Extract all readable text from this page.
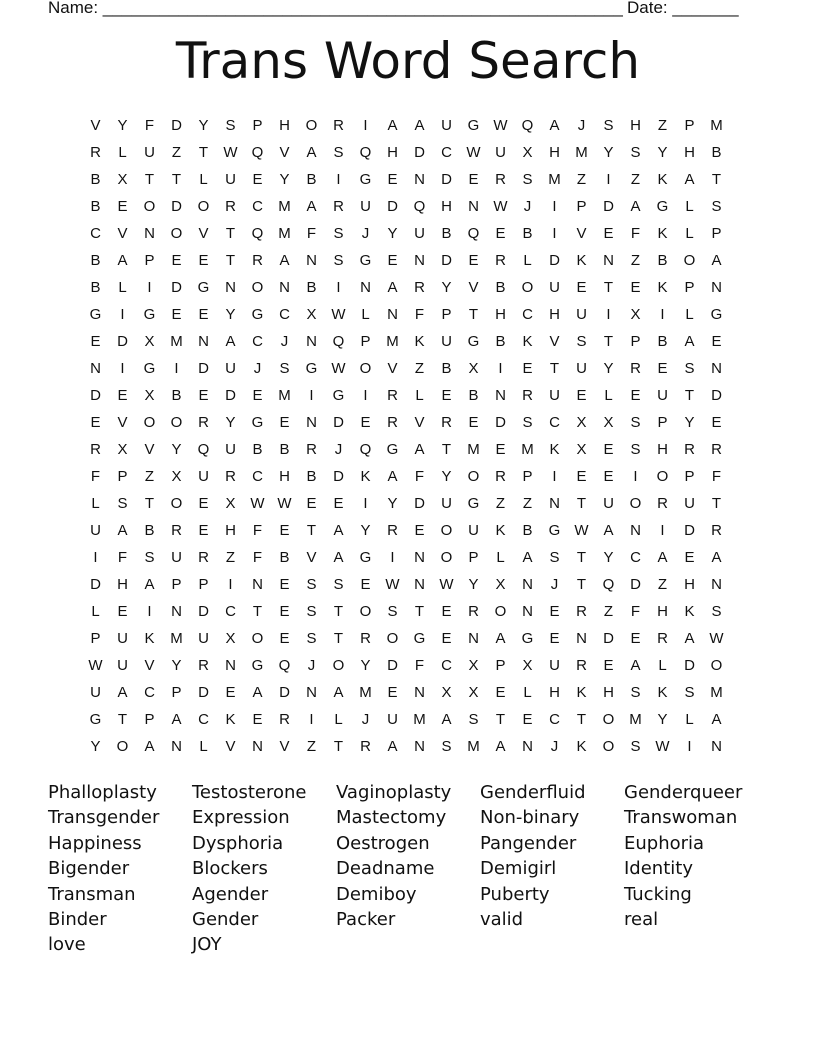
Name: _______________________________________________________ Date: _______
Trans Word Search
V	Y	F	D	Y	S	P	H	O	R	I	A	A	U	G W Q	A	J	S	H	Z	P	M
R	L	U	Z	T	W Q	V	A	S	Q	H	D	C W U	X	H	M	Y	S	Y	H	B
B	X	T	T	L	U	E	Y	B	I	G	E	N	D	E	R	S	M	Z	I	Z	K	A	T
B	E	O	D	O	R	C	M	A	R	U	D	Q	H	N W	J	I	P	D	A	G	L	S
C	V	N	O	V	T	Q M	F	S	J	Y	U	B	Q	E	B	I	V	E	F	K	L	P
B	A	P	E	E	T	R	A	N	S	G	E	N	D	E	R	L	D	K	N	Z	B	O	A
B	L	I	D	G	N	O	N	B	I	N	A	R	Y	V	B	O	U	E	T	E	K	P	N
G	I	G	E	E	Y	G	C	X W	L	N	F	P	T	H	C	H	U	I	X	I	L	G
E	D	X	M	N	A	C	J	N	Q	P	M	K	U	G	B	K	V	S	T	P	B	A	E
N	I	G	I	D	U	J	S	G W O	V	Z	B	X	I	E	T	U	Y	R	E	S	N
D	E	X	B	E	D	E	M	I	G	I	R	L	E	B	N	R	U	E	L	E	U	T	D
E	V	O	O	R	Y	G	E	N	D	E	R	V	R	E	D	S	C	X	X	S	P	Y	E
R	X	V	Y	Q	U	B	B	R	J	Q	G	A	T	M	E	M	K	X	E	S	H	R	R
F	P	Z	X	U	R	C	H	B	D	K	A	F	Y	O	R	P	I	E	E	I	O	P	F
L	S	T	O	E	X W W E	E	I	Y	D	U	G	Z	Z	N	T	U	O	R	U	T
U	A	B	R	E	H	F	E	T	A	Y	R	E	O	U	K	B	G W A	N	I	D	R
I	F	S	U	R	Z	F	B	V	A	G	I	N	O	P	L	A	S	T	Y	C	A	E	A
D	H	A	P	P	I	N	E	S	S	E W N W Y	X	N	J	T	Q	D	Z	H	N
L	E	I	N	D	C	T	E	S	T	O	S	T	E	R	O	N	E	R	Z	F	H	K	S
P	U	K	M	U	X	O	E	S	T	R	O	G	E	N	A	G	E	N	D	E	R	A W
W U	V	Y	R	N	G	Q	J	O	Y	D	F	C	X	P	X	U	R	E	A	L	D	O
U	A	C	P	D	E	A	D	N	A	M	E	N	X	X	E	L	H	K	H	S	K	S	M
G	T	P	A	C	K	E	R	I	L	J	U	M	A	S	T	E	C	T	O M	Y	L	A
Y	O	A	N	L	V	N	V	Z	T	R	A	N	S	M	A	N	J	K	O	S W	I	N
Phalloplasty	Testosterone	Vaginoplasty	Genderfluid	Genderqueer
Transgender	Expression	Mastectomy	Non-binary	Transwoman
Happiness	Dysphoria	Oestrogen	Pangender	Euphoria
Bigender	Blockers	Deadname	Demigirl	Identity
Transman	Agender	Demiboy	Puberty	Tucking
Binder	Gender	Packer	valid	real
love	JOY
